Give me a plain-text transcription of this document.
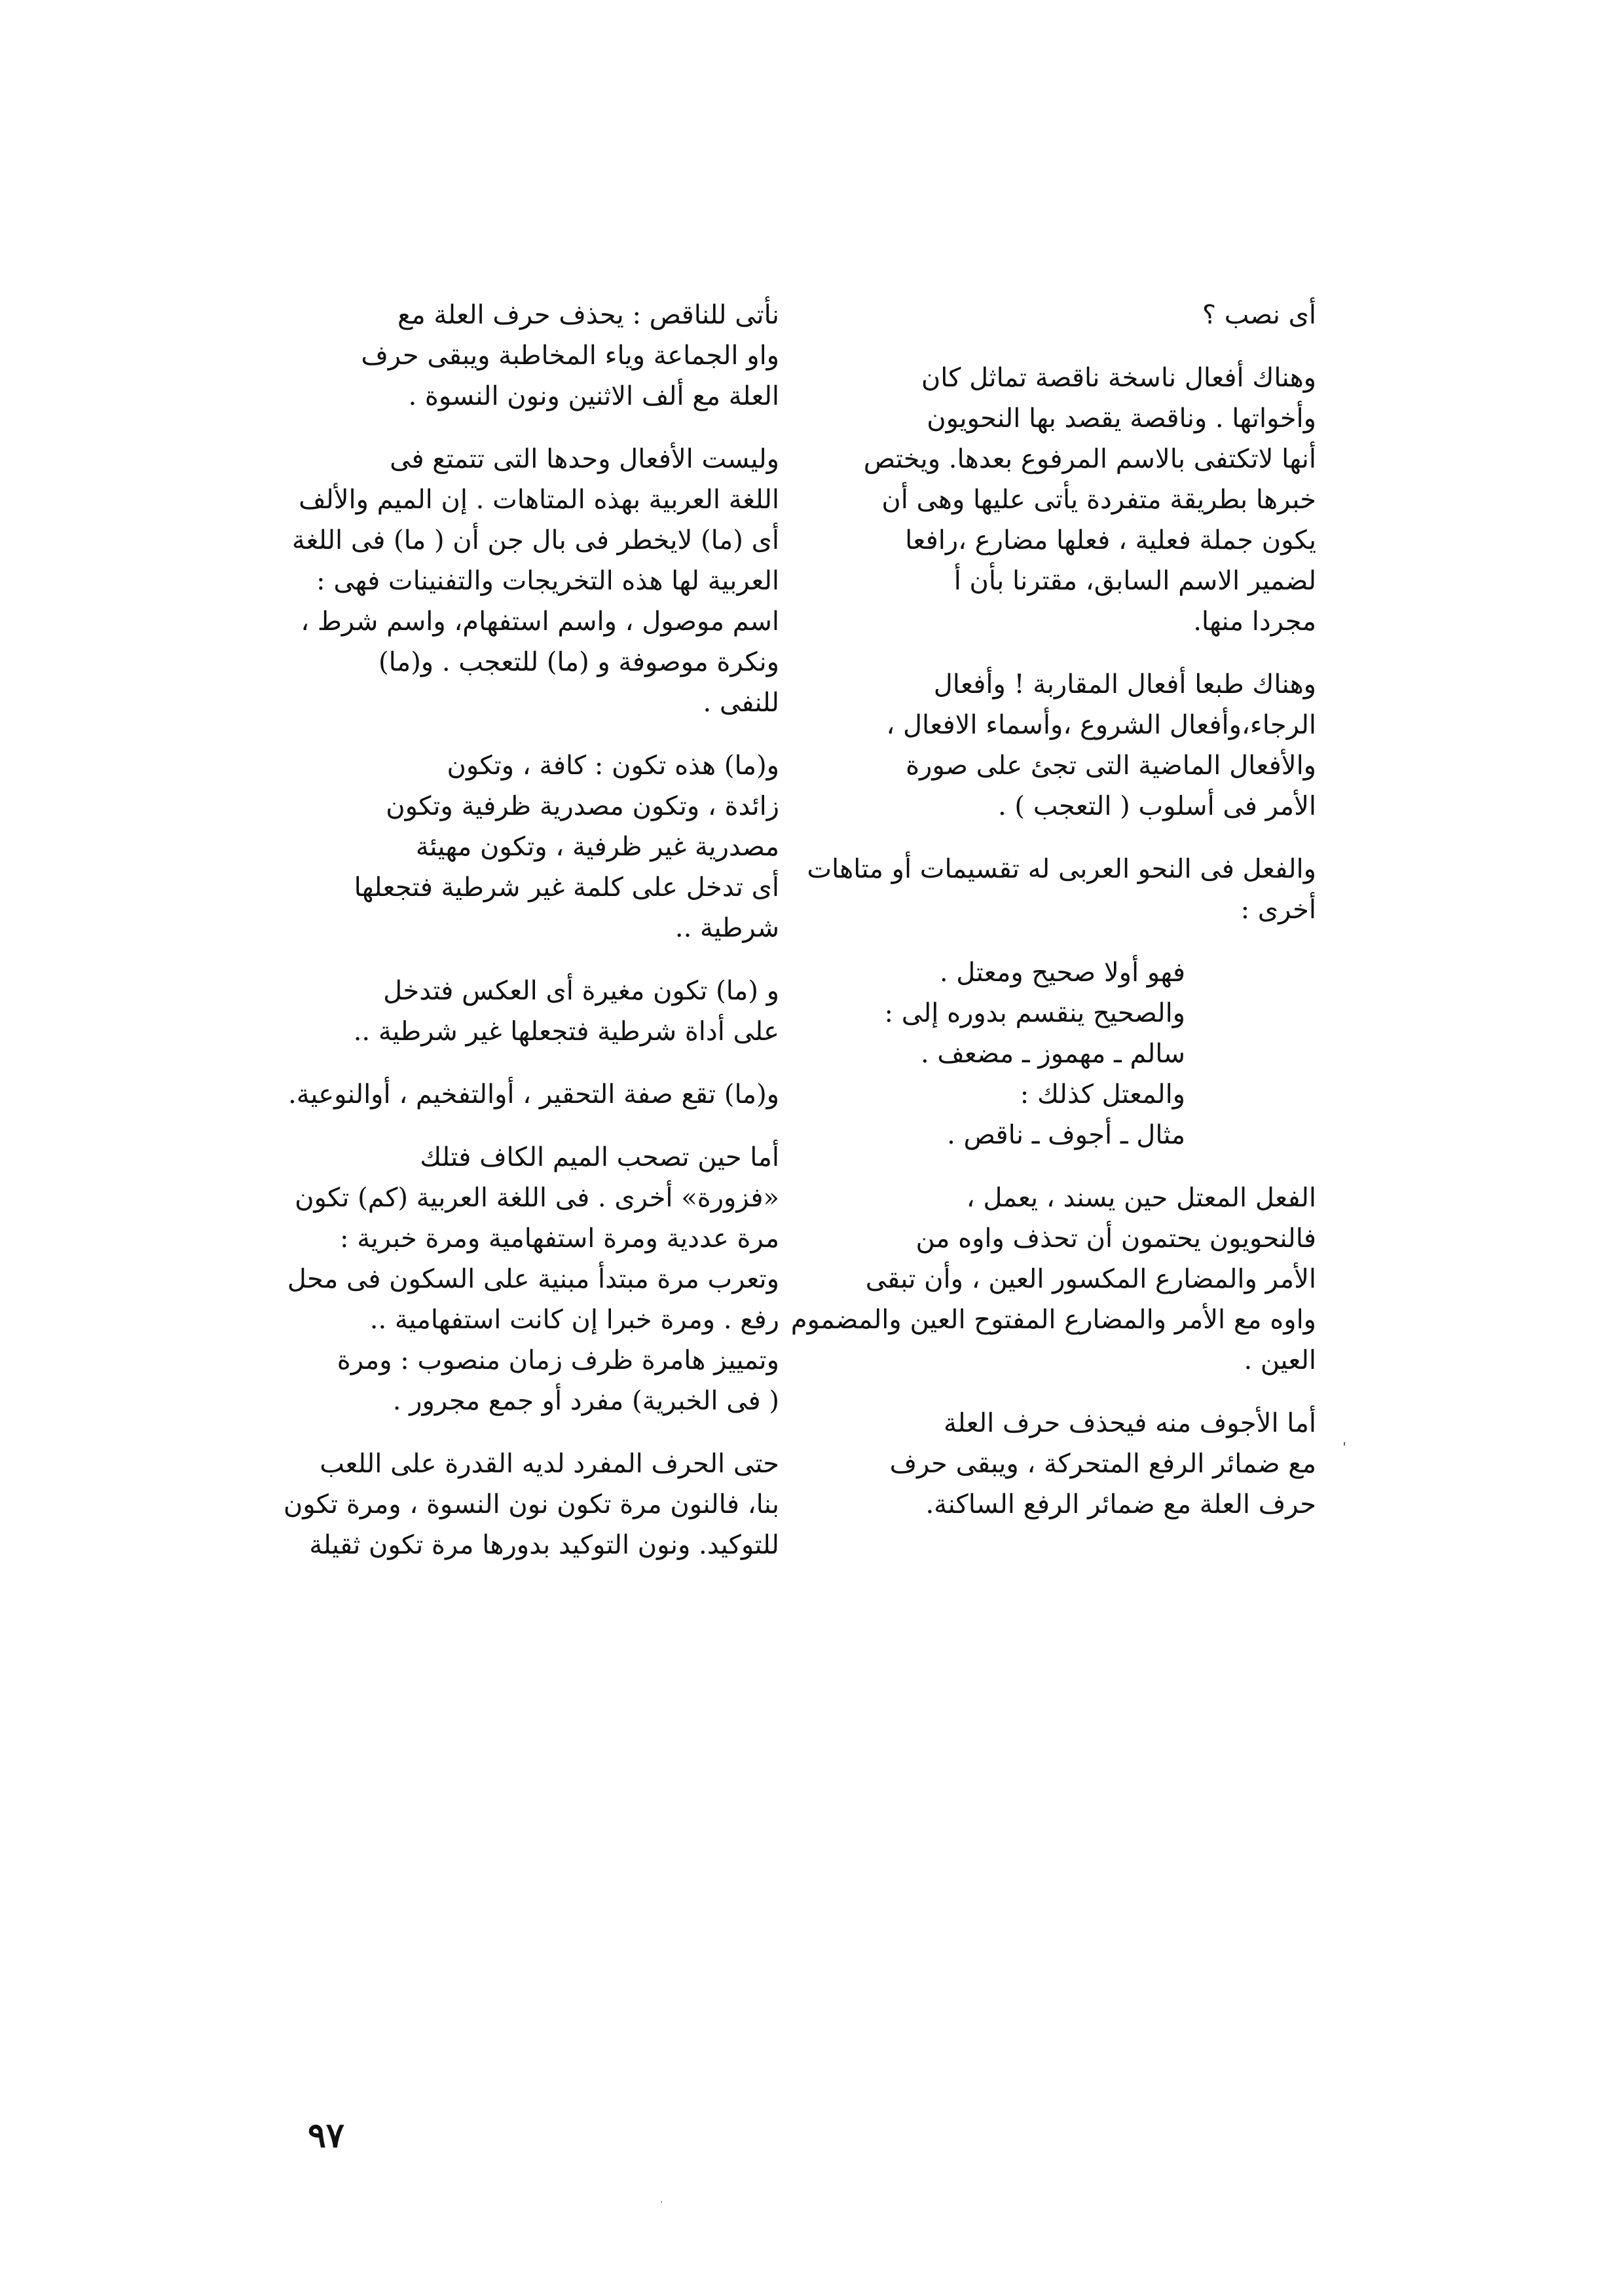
أى نصب ؟
وهناك أفعال ناسخة ناقصة تماثل كان
وأخواتها . وناقصة يقصد بها النحويون
أنها لاتكتفى بالاسم المرفوع بعدها. ويختص
خبرها بطريقة متفردة يأتى عليها وهى أن
يكون جملة فعلية ، فعلها مضارع ،رافعا
لضمير الاسم السابق، مقترنا بأن أ
مجردا منها.
وهناك طبعا أفعال المقاربة ! وأفعال
الرجاء،وأفعال الشروع ،وأسماء الافعال ،
والأفعال الماضية التى تجئ على صورة
الأمر فى أسلوب ( التعجب ) .
والفعل فى النحو العربى له تقسيمات أو متاهات
أخرى :
فهو أولا صحيح ومعتل .
والصحيح ينقسم بدوره إلى :
سالم ـ مهموز ـ مضعف .
والمعتل كذلك :
مثال ـ أجوف ـ ناقص .
الفعل المعتل حين يسند ، يعمل ،
فالنحويون يحتمون أن تحذف واوه من
الأمر والمضارع المكسور العين ، وأن تبقى
واوه مع الأمر والمضارع المفتوح العين والمضموم
العين .
أما الأجوف منه فيحذف حرف العلة
مع ضمائر الرفع المتحركة ، ويبقى حرف
حرف العلة مع ضمائر الرفع الساكنة.
نأتى للناقص : يحذف حرف العلة مع
واو الجماعة وياء المخاطبة ويبقى حرف
العلة مع ألف الاثنين ونون النسوة .
وليست الأفعال وحدها التى تتمتع فى
اللغة العربية بهذه المتاهات . إن الميم والألف
أى (ما) لايخطر فى بال جن أن ( ما) فى اللغة
العربية لها هذه التخريجات والتفنينات فهى :
اسم موصول ، واسم استفهام، واسم شرط ،
ونكرة موصوفة و (ما) للتعجب . و(ما)
للنفى .
و(ما) هذه تكون : كافة ، وتكون
زائدة ، وتكون مصدرية ظرفية وتكون
مصدرية غير ظرفية ، وتكون مهيئة
أى تدخل على كلمة غير شرطية فتجعلها
شرطية ..
و (ما) تكون مغيرة أى العكس فتدخل
على أداة شرطية فتجعلها غير شرطية ..
و(ما) تقع صفة التحقير ، أوالتفخيم ، أوالنوعية.
أما حين تصحب الميم الكاف فتلك
«فزورة» أخرى . فى اللغة العربية (كم) تكون
مرة عددية ومرة استفهامية ومرة خبرية :
وتعرب مرة مبتدأ مبنية على السكون فى محل
رفع . ومرة خبرا إن كانت استفهامية ..
وتمييز هامرة ظرف زمان منصوب : ومرة
( فى الخبرية) مفرد أو جمع مجرور .
حتى الحرف المفرد لديه القدرة على اللعب
بنا، فالنون مرة تكون نون النسوة ، ومرة تكون
للتوكيد. ونون التوكيد بدورها مرة تكون ثقيلة
٩٧
ˈ
